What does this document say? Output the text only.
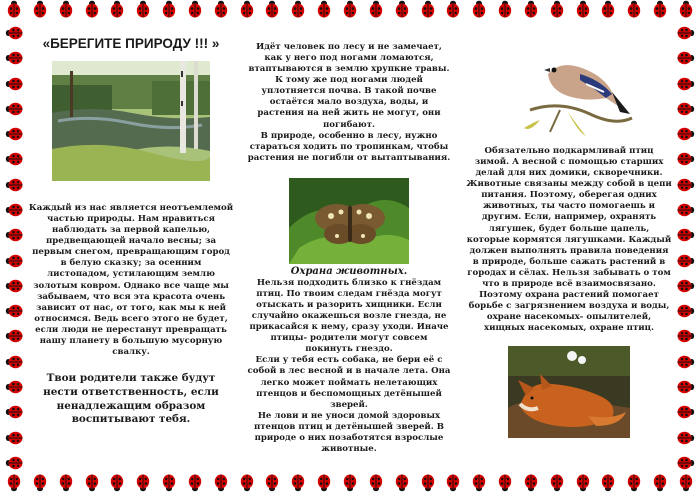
«БЕРЕГИТЕ ПРИРОДУ !!! »

Каждый из нас является неотъемлемой частью природы. Нам нравиться наблюдать за первой капелью, предвещающей начало весны; за первым снегом, превращающим город в белую сказку; за осенним листопадом, устилающим землю золотым ковром. Однако все чаще мы забываем, что вся эта красота очень зависит от нас, от того, как мы к ней относимся. Ведь всего этого не будет, если люди не перестанут превращать нашу планету в большую мусорную свалку.

Твои родители также будут нести ответственность, если ненадлежащим образом воспитывают тебя.

Идёт человек по лесу и не замечает, как у него под ногами ломаются, втаптываются в землю хрупкие травы. К тому же под ногами людей уплотняется почва. В такой почве остаётся мало воздуха, воды, и растения на ней жить не могут, они погибают.

В природе, особенно в лесу, нужно стараться ходить по тропинкам, чтобы растения не погибли от вытаптывания.

Охрана животных.

Нельзя подходить близко к гнёздам птиц. По твоим следам гнёзда могут отыскать и разорить хищники. Если случайно окажешься возле гнезда, не прикасайся к нему, сразу уходи. Иначе птицы- родители могут совсем покинуть гнездо.

Если у тебя есть собака, не бери её с собой в лес весной и в начале лета. Она легко может поймать нелетающих птенцов и беспомощных детёнышей зверей.

Не лови и не уноси домой здоровых птенцов птиц и детёнышей зверей. В природе о них позаботятся взрослые животные.

Обязательно подкармливай птиц зимой. А весной с помощью старших делай для них домики, скворечники. Животные связаны между собой в цепи питания. Поэтому, оберегая одних животных, ты часто помогаешь и другим. Если, например, охранять лягушек, будет больше цапель, которые кормятся лягушками. Каждый должен выполнять правила поведения в природе, больше сажать растений в городах и сёлах. Нельзя забывать о том что в природе всё взаимосвязано. Поэтому охрана растений помогает борьбе с загрязнением воздуха и воды, охране насекомых- опылителей, хищных насекомых, охране птиц.
